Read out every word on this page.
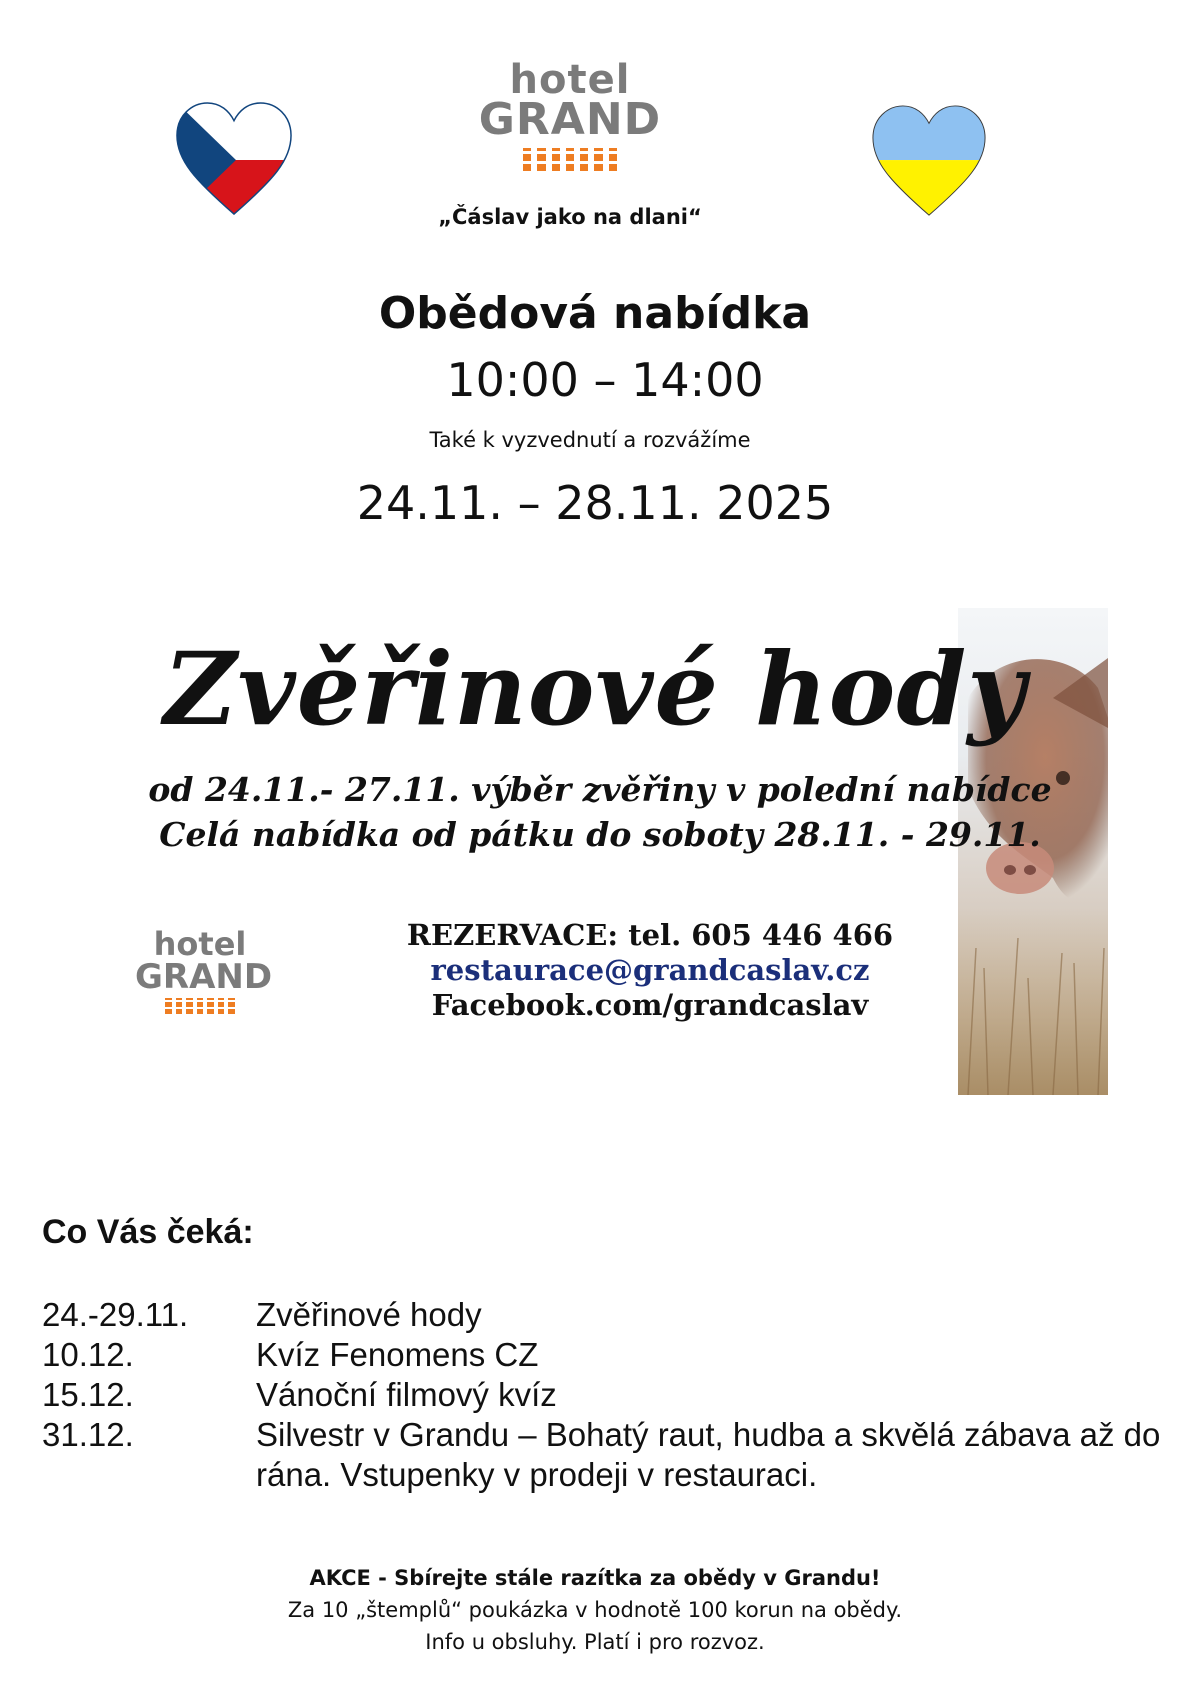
hotel
GRAND
„Čáslav jako na dlani“
Obědová nabídka
10:00 – 14:00
Také k vyzvednutí a rozvážíme
24.11. – 28.11. 2025
Zvěřinové hody
od 24.11.- 27.11. výběr zvěřiny v polední nabídce
Celá nabídka od pátku do soboty 28.11. - 29.11.
hotel
GRAND
REZERVACE: tel. 605 446 466
restaurace@grandcaslav.cz
Facebook.com/grandcaslav
Co Vás čeká:
24.-29.11.	Zvěřinové hody
10.12.	Kvíz Fenomens CZ
15.12.	Vánoční filmový kvíz
31.12.	Silvestr v Grandu – Bohatý raut, hudba a skvělá zábava až do rána. Vstupenky v prodeji v restauraci.
AKCE - Sbírejte stále razítka za obědy v Grandu!
Za 10 „štemplů“ poukázka v hodnotě 100 korun na obědy.
Info u obsluhy. Platí i pro rozvoz.
